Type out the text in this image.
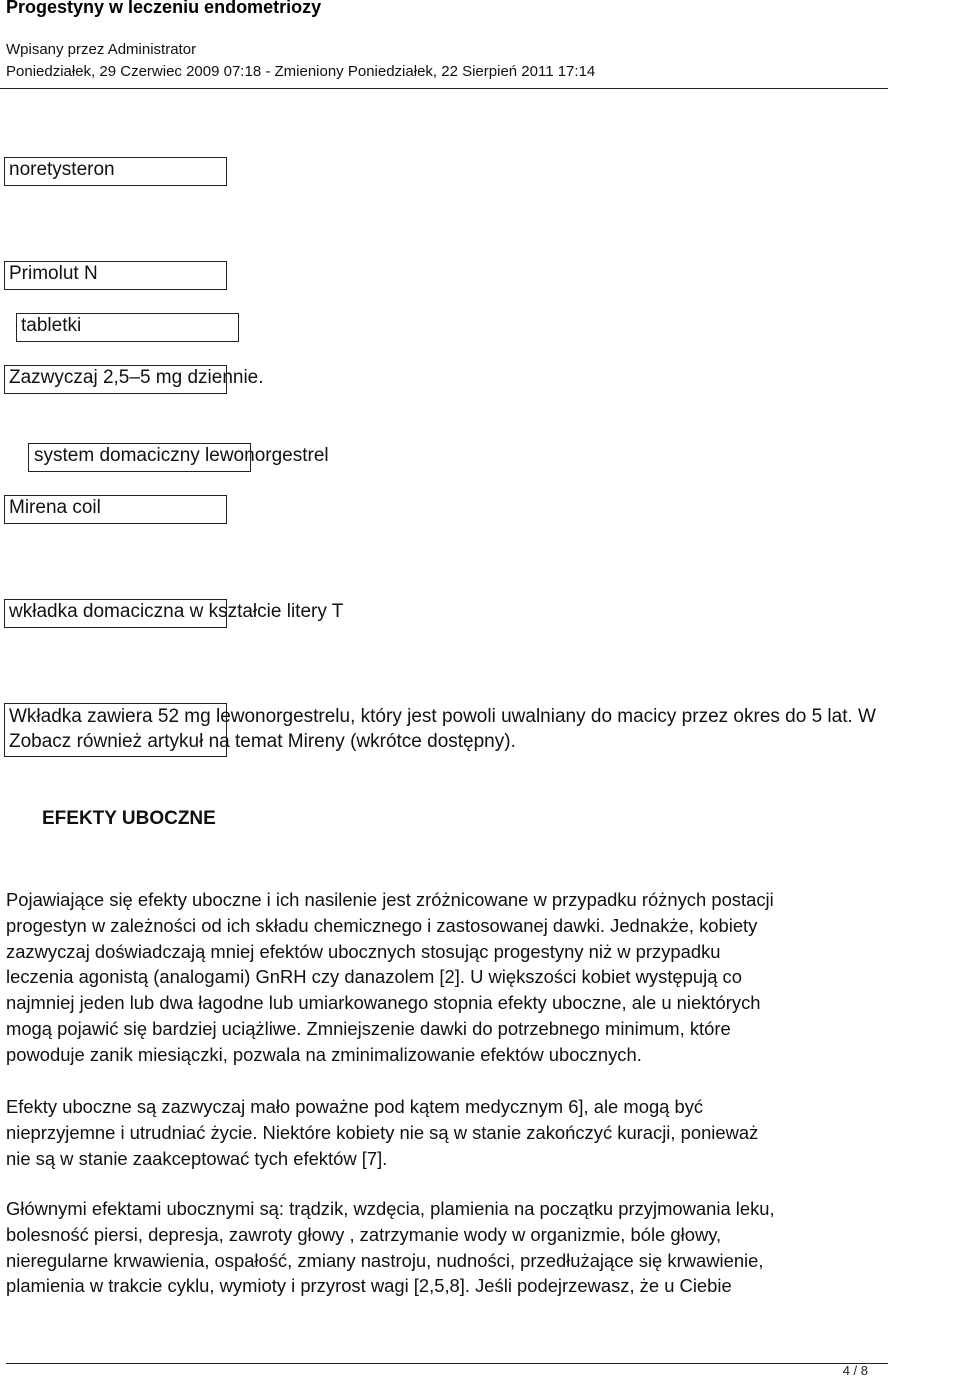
Progestyny w leczeniu endometriozy
Wpisany przez Administrator
Poniedziałek, 29 Czerwiec 2009 07:18 - Zmieniony Poniedziałek, 22 Sierpień 2011 17:14
noretysteron
Primolut N
tabletki
Zazwyczaj 2,5–5 mg dziennie.
system domaciczny lewonorgestrel
Mirena coil
wkładka domaciczna w kształcie litery T
Wkładka zawiera 52 mg lewonorgestrelu, który jest powoli uwalniany do macicy przez okres do 5 lat. W
Zobacz również artykuł na temat Mireny (wkrótce dostępny).
EFEKTY UBOCZNE
Pojawiające się efekty uboczne i ich nasilenie jest zróżnicowane w przypadku różnych postacji
progestyn w zależności od ich składu chemicznego i zastosowanej dawki. Jednakże, kobiety
zazwyczaj doświadczają mniej efektów ubocznych stosując progestyny niż w przypadku
leczenia agonistą (analogami) GnRH czy danazolem [2]. U większości kobiet występują co
najmniej jeden lub dwa łagodne lub umiarkowanego stopnia efekty uboczne, ale u niektórych
mogą pojawić się bardziej uciążliwe. Zmniejszenie dawki do potrzebnego minimum, które
powoduje zanik miesiączki, pozwala na zminimalizowanie efektów ubocznych.
Efekty uboczne są zazwyczaj mało poważne pod kątem medycznym 6], ale mogą być
nieprzyjemne i utrudniać życie. Niektóre kobiety nie są w stanie zakończyć kuracji, ponieważ
nie są w stanie zaakceptować tych efektów [7].
Głównymi efektami ubocznymi są: trądzik, wzdęcia, plamienia na początku przyjmowania leku,
bolesność piersi, depresja, zawroty głowy , zatrzymanie wody w organizmie, bóle głowy,
nieregularne krwawienia, ospałość, zmiany nastroju, nudności, przedłużające się krwawienie,
plamienia w trakcie cyklu, wymioty i przyrost wagi [2,5,8]. Jeśli podejrzewasz, że u Ciebie
4 / 8
